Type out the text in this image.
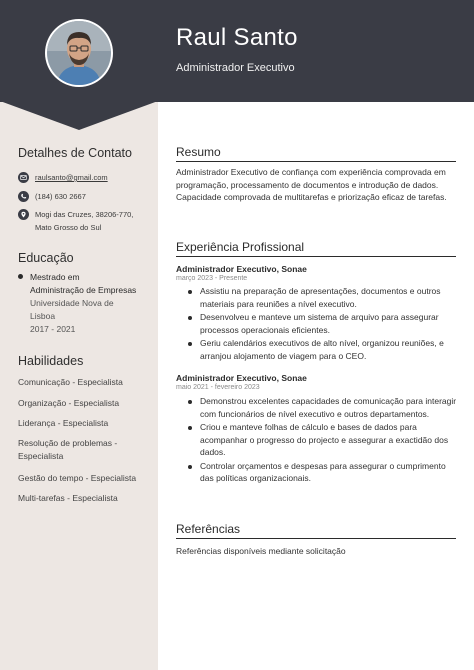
Raul Santo
Administrador Executivo
Detalhes de Contato
raulsanto@gmail.com
(184) 630 2667
Mogi das Cruzes, 38206-770,
Mato Grosso do Sul
Educação
Mestrado em
Administração de Empresas
Universidade Nova de
Lisboa
2017 - 2021
Habilidades
Comunicação - Especialista
Organização - Especialista
Liderança - Especialista
Resolução de problemas -
Especialista
Gestão do tempo - Especialista
Multi-tarefas - Especialista
Resumo
Administrador Executivo de confiança com experiência comprovada em programação, processamento de documentos e introdução de dados. Capacidade comprovada de multitarefas e priorização eficaz de tarefas.
Experiência Profissional
Administrador Executivo, Sonae
março 2023 - Presente
Assistiu na preparação de apresentações, documentos e outros materiais para reuniões a nível executivo.
Desenvolveu e manteve um sistema de arquivo para assegurar processos operacionais eficientes.
Geriu calendários executivos de alto nível, organizou reuniões, e arranjou alojamento de viagem para o CEO.
Administrador Executivo, Sonae
maio 2021 - fevereiro 2023
Demonstrou excelentes capacidades de comunicação para interagir com funcionários de nível executivo e outros departamentos.
Criou e manteve folhas de cálculo e bases de dados para acompanhar o progresso do projecto e assegurar a exactidão dos dados.
Controlar orçamentos e despesas para assegurar o cumprimento das políticas organizacionais.
Referências
Referências disponíveis mediante solicitação
